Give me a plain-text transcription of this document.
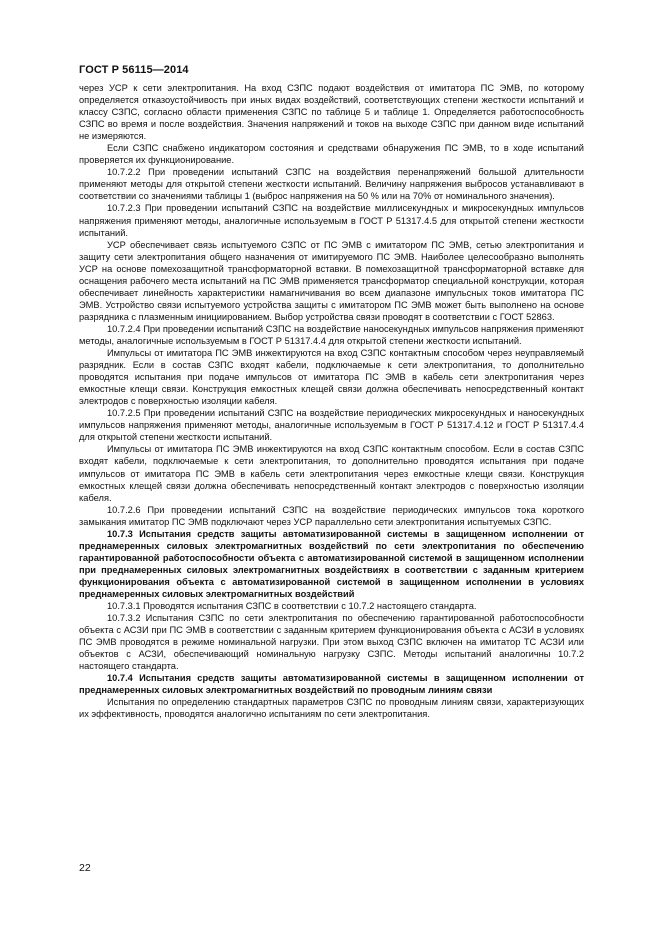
ГОСТ Р 56115—2014

через УСР к сети электропитания. На вход СЗПС подают воздействия от имитатора ПС ЭМВ, по которому определяется отказоустойчивость при иных видах воздействий, соответствующих степени жесткости испытаний и классу СЗПС, согласно области применения СЗПС по таблице 5 и таблице 1. Определяется работоспособность СЗПС во время и после воздействия. Значения напряжений и токов на выходе СЗПС при данном виде испытаний не измеряются.

Если СЗПС снабжено индикатором состояния и средствами обнаружения ПС ЭМВ, то в ходе испытаний проверяется их функционирование.

10.7.2.2 При проведении испытаний СЗПС на воздействия перенапряжений большой длительности применяют методы для открытой степени жесткости испытаний. Величину напряжения выбросов устанавливают в соответствии со значениями таблицы 1 (выброс напряжения на 50 % или на 70% от номинального значения).

10.7.2.3 При проведении испытаний СЗПС на воздействие миллисекундных и микросекундных импульсов напряжения применяют методы, аналогичные используемым в ГОСТ Р 51317.4.5 для открытой степени жесткости испытаний.

УСР обеспечивает связь испытуемого СЗПС от ПС ЭМВ с имитатором ПС ЭМВ, сетью электропитания и защиту сети электропитания общего назначения от имитируемого ПС ЭМВ. Наиболее целесообразно выполнять УСР на основе помехозащитной трансформаторной вставки. В помехозащитной трансформаторной вставке для оснащения рабочего места испытаний на ПС ЭМВ применяется трансформатор специальной конструкции, которая обеспечивает линейность характеристики намагничивания во всем диапазоне импульсных токов имитатора ПС ЭМВ. Устройство связи испытуемого устройства защиты с имитатором ПС ЭМВ может быть выполнено на основе разрядника с плазменным инициированием. Выбор устройства связи проводят в соответствии с ГОСТ 52863.

10.7.2.4 При проведении испытаний СЗПС на воздействие наносекундных импульсов напряжения применяют методы, аналогичные используемым в ГОСТ Р 51317.4.4 для открытой степени жесткости испытаний.

Импульсы от имитатора ПС ЭМВ инжектируются на вход СЗПС контактным способом через неуправляемый разрядник. Если в состав СЗПС входят кабели, подключаемые к сети электропитания, то дополнительно проводятся испытания при подаче импульсов от имитатора ПС ЭМВ в кабель сети электропитания через емкостные клещи связи. Конструкция емкостных клещей связи должна обеспечивать непосредственный контакт электродов с поверхностью изоляции кабеля.

10.7.2.5 При проведении испытаний СЗПС на воздействие периодических микросекундных и наносекундных импульсов напряжения применяют методы, аналогичные используемым в ГОСТ Р 51317.4.12 и ГОСТ Р 51317.4.4 для открытой степени жесткости испытаний.

Импульсы от имитатора ПС ЭМВ инжектируются на вход СЗПС контактным способом. Если в состав СЗПС входят кабели, подключаемые к сети электропитания, то дополнительно проводятся испытания при подаче импульсов от имитатора ПС ЭМВ в кабель сети электропитания через емкостные клещи связи. Конструкция емкостных клещей связи должна обеспечивать непосредственный контакт электродов с поверхностью изоляции кабеля.

10.7.2.6 При проведении испытаний СЗПС на воздействие периодических импульсов тока короткого замыкания имитатор ПС ЭМВ подключают через УСР параллельно сети электропитания испытуемых СЗПС.

10.7.3 Испытания средств защиты автоматизированной системы в защищенном исполнении от преднамеренных силовых электромагнитных воздействий по сети электропитания по обеспечению гарантированной работоспособности объекта с автоматизированной системой в защищенном исполнении при преднамеренных силовых электромагнитных воздействиях в соответствии с заданным критерием функционирования объекта с автоматизированной системой в защищенном исполнении в условиях преднамеренных силовых электромагнитных воздействий

10.7.3.1 Проводятся испытания СЗПС в соответствии с 10.7.2 настоящего стандарта.

10.7.3.2 Испытания СЗПС по сети электропитания по обеспечению гарантированной работоспособности объекта с АСЗИ при ПС ЭМВ в соответствии с заданным критерием функционирования объекта с АСЗИ в условиях ПС ЭМВ проводятся в режиме номинальной нагрузки. При этом выход СЗПС включен на имитатор ТС АСЗИ или объектов с АСЗИ, обеспечивающий номинальную нагрузку СЗПС. Методы испытаний аналогичны 10.7.2 настоящего стандарта.

10.7.4 Испытания средств защиты автоматизированной системы в защищенном исполнении от преднамеренных силовых электромагнитных воздействий по проводным линиям связи

Испытания по определению стандартных параметров СЗПС по проводным линиям связи, характеризующих их эффективность, проводятся аналогично испытаниям по сети электропитания.

22
